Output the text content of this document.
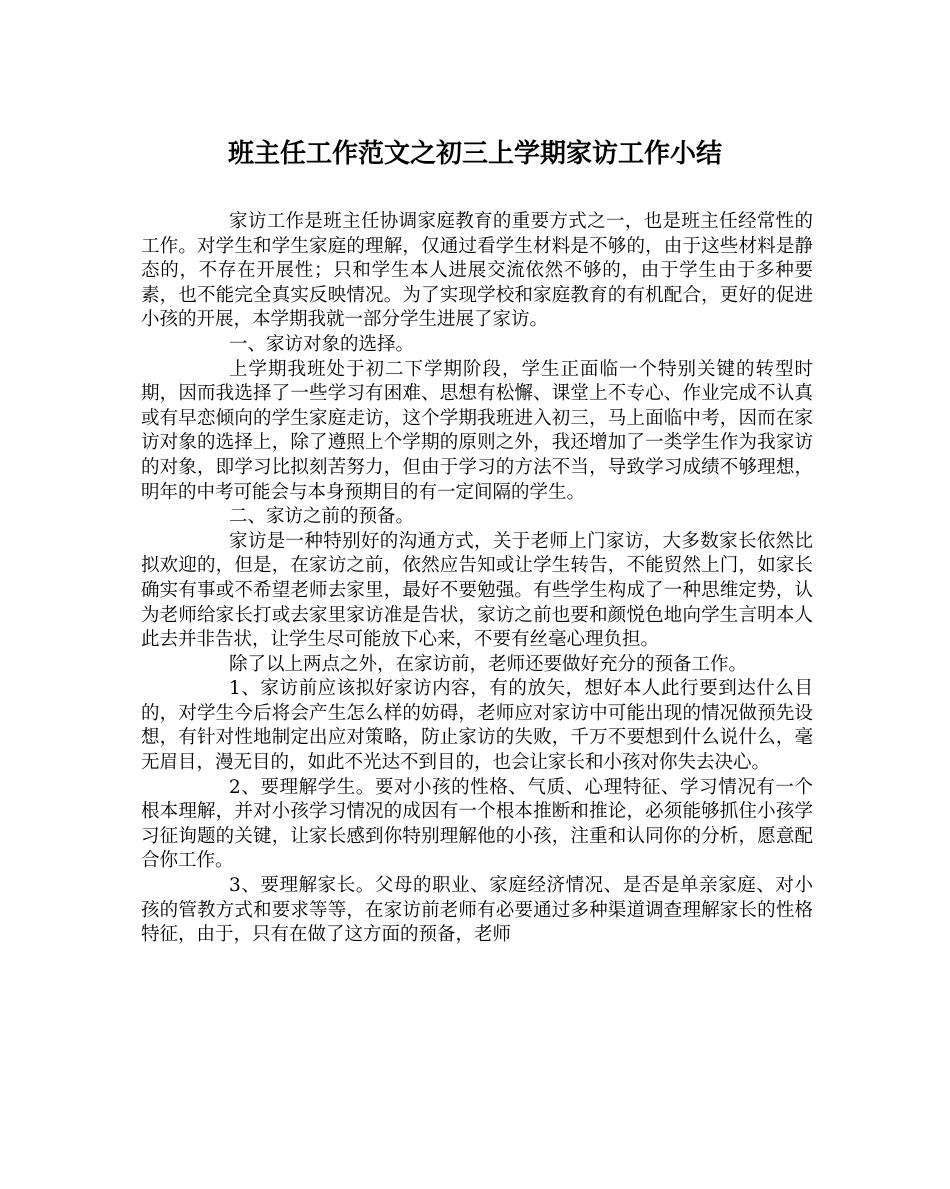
班主任工作范文之初三上学期家访工作小结

家访工作是班主任协调家庭教育的重要方式之一，也是班主任经常性的工作。对学生和学生家庭的理解，仅通过看学生材料是不够的，由于这些材料是静态的，不存在开展性；只和学生本人进展交流依然不够的，由于学生由于多种要素，也不能完全真实反映情况。为了实现学校和家庭教育的有机配合，更好的促进小孩的开展，本学期我就一部分学生进展了家访。

一、家访对象的选择。

上学期我班处于初二下学期阶段，学生正面临一个特别关键的转型时期，因而我选择了一些学习有困难、思想有松懈、课堂上不专心、作业完成不认真或有早恋倾向的学生家庭走访，这个学期我班进入初三，马上面临中考，因而在家访对象的选择上，除了遵照上个学期的原则之外，我还增加了一类学生作为我家访的对象，即学习比拟刻苦努力，但由于学习的方法不当，导致学习成绩不够理想，明年的中考可能会与本身预期目的有一定间隔的学生。

二、家访之前的预备。

家访是一种特别好的沟通方式，关于老师上门家访，大多数家长依然比拟欢迎的，但是，在家访之前，依然应告知或让学生转告，不能贸然上门，如家长确实有事或不希望老师去家里，最好不要勉强。有些学生构成了一种思维定势，认为老师给家长打或去家里家访准是告状，家访之前也要和颜悦色地向学生言明本人此去并非告状，让学生尽可能放下心来，不要有丝毫心理负担。

除了以上两点之外，在家访前，老师还要做好充分的预备工作。

1、家访前应该拟好家访内容，有的放矢，想好本人此行要到达什么目的，对学生今后将会产生怎么样的妨碍，老师应对家访中可能出现的情况做预先设想，有针对性地制定出应对策略，防止家访的失败，千万不要想到什么说什么，毫无眉目，漫无目的，如此不光达不到目的，也会让家长和小孩对你失去决心。

2、要理解学生。要对小孩的性格、气质、心理特征、学习情况有一个根本理解，并对小孩学习情况的成因有一个根本推断和推论，必须能够抓住小孩学习征询题的关键，让家长感到你特别理解他的小孩，注重和认同你的分析，愿意配合你工作。

3、要理解家长。父母的职业、家庭经济情况、是否是单亲家庭、对小孩的管教方式和要求等等，在家访前老师有必要通过多种渠道调查理解家长的性格特征，由于，只有在做了这方面的预备，老师
